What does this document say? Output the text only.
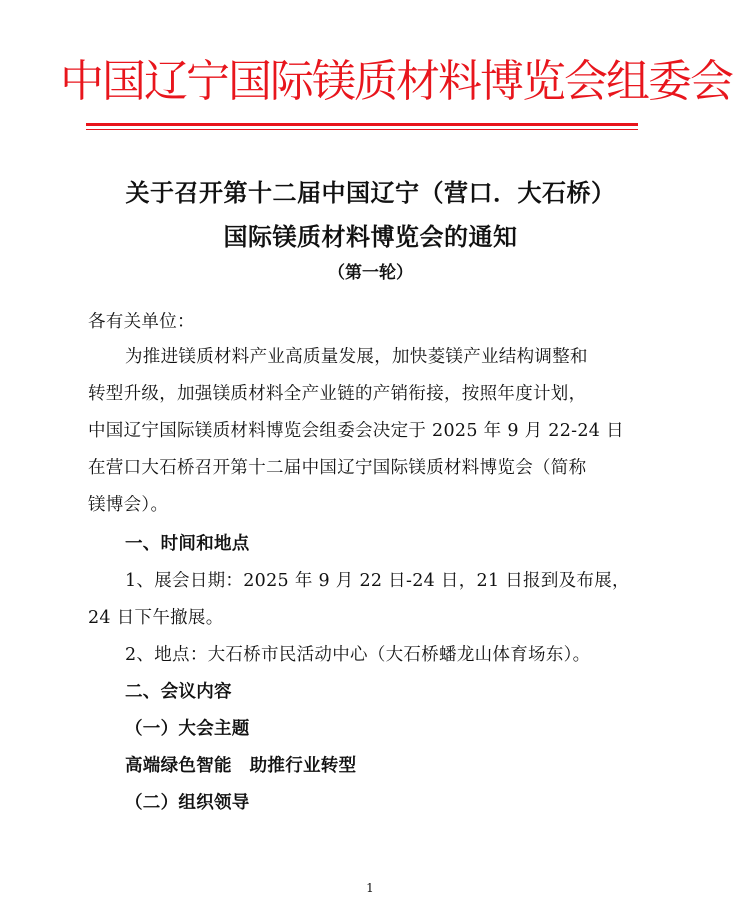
中国辽宁国际镁质材料博览会组委会
关于召开第十二届中国辽宁（营口．大石桥）
国际镁质材料博览会的通知
（第一轮）
各有关单位：
为推进镁质材料产业高质量发展，加快菱镁产业结构调整和
转型升级，加强镁质材料全产业链的产销衔接，按照年度计划，
中国辽宁国际镁质材料博览会组委会决定于 2025 年 9 月 22-24 日
在营口大石桥召开第十二届中国辽宁国际镁质材料博览会（简称
镁博会）。
一、时间和地点
1、展会日期：2025 年 9 月 22 日-24 日，21 日报到及布展，
24 日下午撤展。
2、地点：大石桥市民活动中心（大石桥蟠龙山体育场东）。
二、会议内容
（一）大会主题
高端绿色智能　助推行业转型
（二）组织领导
1
